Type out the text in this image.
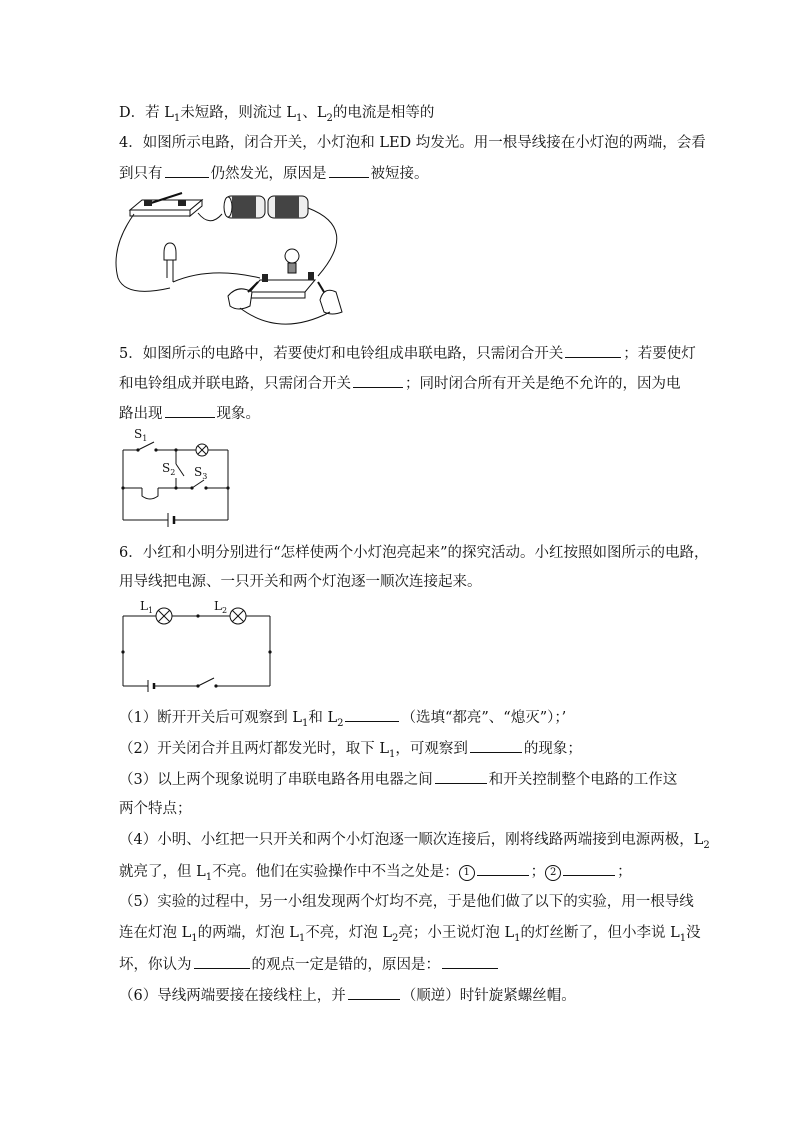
D．若 $L_1$未短路，则流过 $L_1$、$L_2$的电流是相等的
4．如图所示电路，闭合开关，小灯泡和 LED 均发光。用一根导线接在小灯泡的两端，会看
到只有	仍然发光，原因是	被短接。
5．如图所示的电路中，若要使灯和电铃组成串联电路，只需闭合开关	；若要使灯
和电铃组成并联电路，只需闭合开关	；同时闭合所有开关是绝不允许的，因为电
路出现	现象。
$S_1$
$S_2$ $S_3$
6．小红和小明分别进行“怎样使两个小灯泡亮起来”的探究活动。小红按照如图所示的电路，
用导线把电源、一只开关和两个灯泡逐一顺次连接起来。
$L_1$	$L_2$
（1）断开开关后可观察到 $L_1$和 $L_2$	（选填“都亮”、“熄灭”）；’
（2）开关闭合并且两灯都发光时，取下 $L_1$，可观察到	的现象；
（3）以上两个现象说明了串联电路各用电器之间	和开关控制整个电路的工作这
两个特点；
（4）小明、小红把一只开关和两个小灯泡逐一顺次连接后，刚将线路两端接到电源两极，$L_2$
就亮了，但 $L_1$不亮。他们在实验操作中不当之处是： 1	； 2	；
（5）实验的过程中，另一小组发现两个灯均不亮，于是他们做了以下的实验，用一根导线
连在灯泡 $L_1$的两端，灯泡 $L_1$不亮，灯泡 $L_2$亮；小王说灯泡 $L_1$的灯丝断了，但小李说 $L_1$没
坏，你认为	的观点一定是错的，原因是：
（6）导线两端要接在接线柱上，并	（顺逆）时针旋紧螺丝帽。
